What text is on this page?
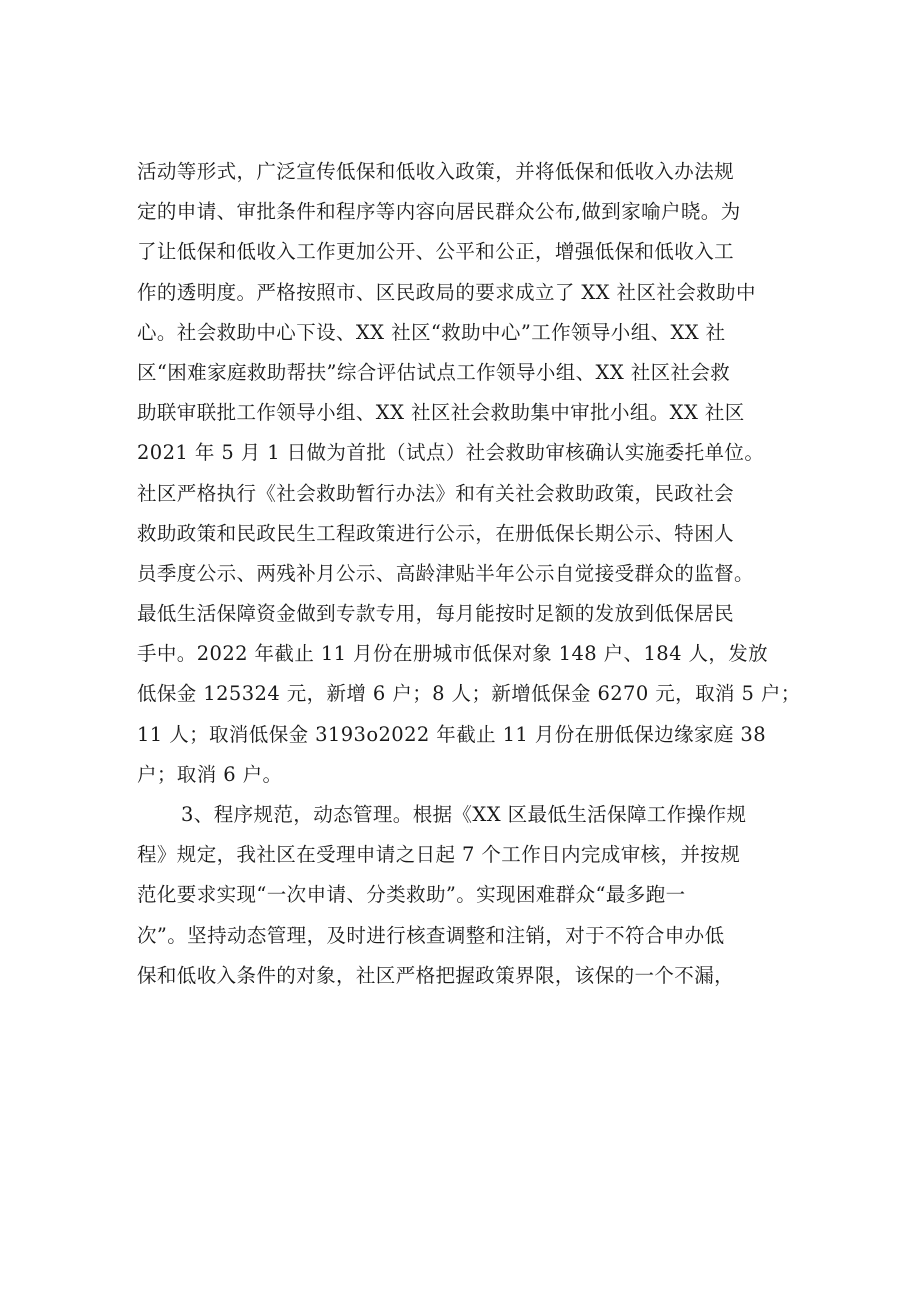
活动等形式，广泛宣传低保和低收入政策，并将低保和低收入办法规
定的申请、审批条件和程序等内容向居民群众公布,做到家喻户晓。为
了让低保和低收入工作更加公开、公平和公正，增强低保和低收入工
作的透明度。严格按照市、区民政局的要求成立了 XX 社区社会救助中
心。社会救助中心下设、XX 社区“救助中心”工作领导小组、XX 社
区“困难家庭救助帮扶”综合评估试点工作领导小组、XX 社区社会救
助联审联批工作领导小组、XX 社区社会救助集中审批小组。XX 社区
2021 年 5 月 1 日做为首批（试点）社会救助审核确认实施委托单位。
社区严格执行《社会救助暂行办法》和有关社会救助政策，民政社会
救助政策和民政民生工程政策进行公示，在册低保长期公示、特困人
员季度公示、两残补月公示、高龄津贴半年公示自觉接受群众的监督。
最低生活保障资金做到专款专用，每月能按时足额的发放到低保居民
手中。2022 年截止 11 月份在册城市低保对象 148 户、184 人，发放
低保金 125324 元，新增 6 户；8 人；新增低保金 6270 元，取消 5 户；
11 人；取消低保金 3193o2022 年截止 11 月份在册低保边缘家庭 38
户；取消 6 户。
3、程序规范，动态管理。根据《XX 区最低生活保障工作操作规
程》规定，我社区在受理申请之日起 7 个工作日内完成审核，并按规
范化要求实现“一次申请、分类救助”。实现困难群众“最多跑一
次”。坚持动态管理，及时进行核查调整和注销，对于不符合申办低
保和低收入条件的对象，社区严格把握政策界限，该保的一个不漏，
